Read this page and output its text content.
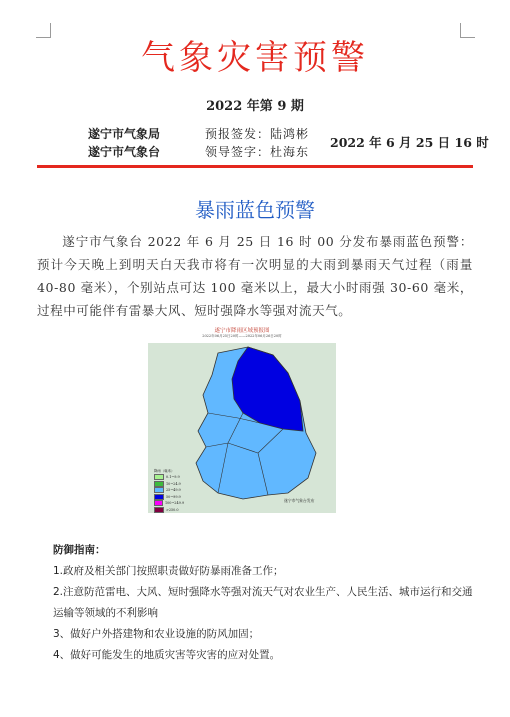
气象灾害预警
2022 年第 9 期
遂宁市气象局
遂宁市气象台
预报签发：陆鸿彬
领导签字：杜海东
2022 年 6 月 25 日 16 时
暴雨蓝色预警
遂宁市气象台 2022 年 6 月 25 日 16 时 00 分发布暴雨蓝色预警：预计今天晚上到明天白天我市将有一次明显的大雨到暴雨天气过程（雨量 40-80 毫米），个别站点可达 100 毫米以上，最大小时雨强 30-60 毫米，过程中可能伴有雷暴大风、短时强降水等强对流天气。
遂宁市降雨区域预报图
2022年06月25日20时——2022年06月26日20时
降雨（毫米）
0.1~9.9
10~24.9
25~49.9
50~99.9
100~249.9
>250.0
遂宁市气象台发布
防御指南：
1.政府及相关部门按照职责做好防暴雨准备工作；
2.注意防范雷电、大风、短时强降水等强对流天气对农业生产、人民生活、城市运行和交通运输等领域的不利影响
3、做好户外搭建物和农业设施的防风加固；
4、做好可能发生的地质灾害等灾害的应对处置。
